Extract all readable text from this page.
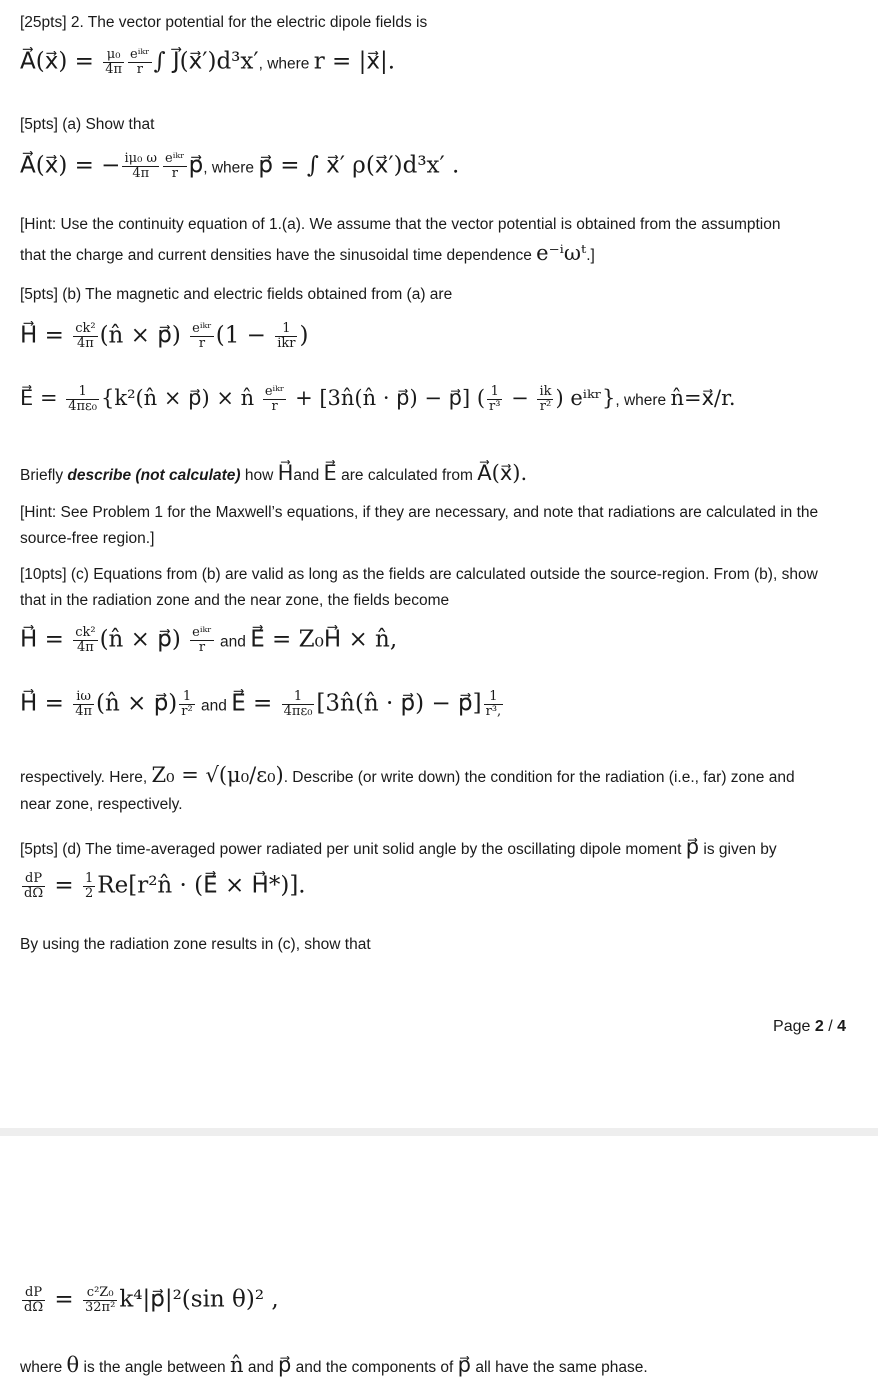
[25pts] 2. The vector potential for the electric dipole fields is
A⃗(x⃗) = $\frac{\text{μ₀}}{4\pi} \frac{\text{eⁱᵏʳ}}{r}$ ∫ J⃗(x⃗′)d³x′, where r = |x⃗|.
[5pts] (a) Show that
A⃗(x⃗) = − $\frac{\text{iμ₀ ω}}{4\pi} \frac{\text{eⁱᵏʳ}}{r}$ p⃗, where p⃗ = ∫ x⃗′ ρ(x⃗′)d³x′ .
[Hint: Use the continuity equation of 1.(a). We assume that the vector potential is obtained from the assumption
that the charge and current densities have the sinusoidal time dependence e⁻ⁱωᵗ.]
[5pts] (b) The magnetic and electric fields obtained from (a) are
H⃗ = $\frac{\text{ck²}}{4\pi}$ (n̂ × p⃗) $\frac{\text{eⁱᵏʳ}}{r} (1 - \frac{1}{\text{ikr}}$ )
E⃗ = $\frac{1}{\text{4πε₀}}$ {k²(n̂ × p⃗) × n̂ $\frac{\text{eⁱᵏʳ}}{r}$ + [3n̂(n̂ · p⃗) − p⃗] ( $\frac{1}{\text{r³}} - \frac{ik}{\text{r²}}$ ) eⁱᵏʳ}, where n̂=x⃗/r.
Briefly describe (not calculate) how H⃗and E⃗ are calculated from A⃗(x⃗).
[Hint: See Problem 1 for the Maxwell’s equations, if they are necessary, and note that radiations are calculated in the source-free region.]
[10pts] (c) Equations from (b) are valid as long as the fields are calculated outside the source-region. From (b), show that in the radiation zone and the near zone, the fields become
H⃗ = $\frac{\text{ck²}}{4\pi}$ (n̂ × p⃗) $\frac{\text{eⁱᵏʳ}}{r}$ and E⃗ = Z₀H⃗ × n̂,
H⃗ = $\frac{i\omega}{4\pi}$ (n̂ × p⃗) $\frac{1}{\text{r²}}$ and E⃗ = $\frac{1}{\text{4πε₀}}$ [3n̂(n̂ · p⃗) − p⃗] $\frac{1}{\text{r³,}}$
respectively. Here, Z₀ = √(μ₀/ε₀). Describe (or write down) the condition for the radiation (i.e., far) zone and
near zone, respectively.
[5pts] (d) The time-averaged power radiated per unit solid angle by the oscillating dipole moment p⃗ is given by
$\frac{dP}{d\Omega} = \frac{1}{2}$ Re[r²n̂ · (E⃗ × H⃗*)].
By using the radiation zone results in (c), show that
Page 2 / 4
$\frac{dP}{d\Omega} = \frac{\text{c²Z₀}}{\text{32π²}}$ k⁴|p⃗|²(sin θ)² ,
where θ is the angle between n̂ and p⃗ and the components of p⃗ all have the same phase.
